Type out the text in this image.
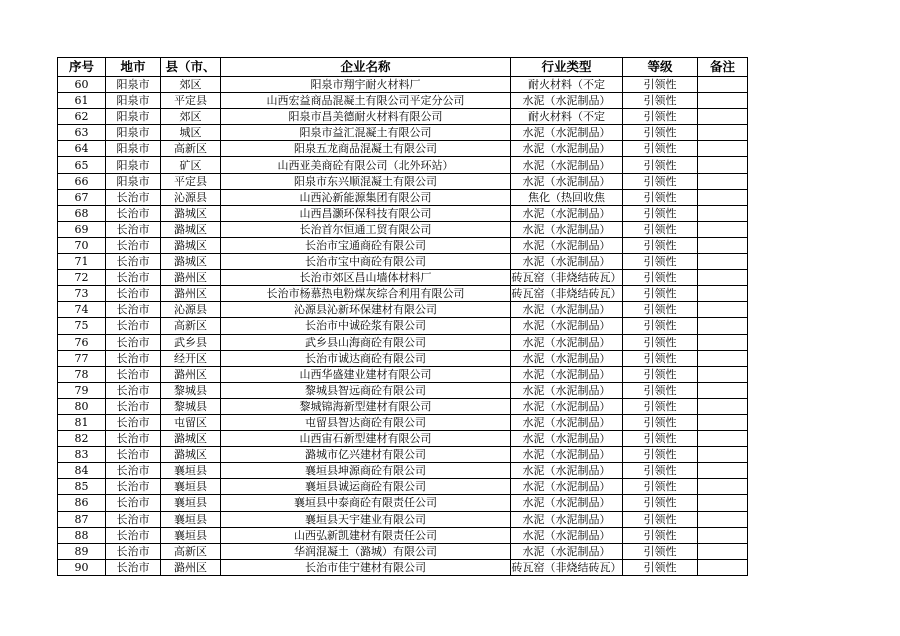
序号	地市	县（市、	企业名称	行业类型	等级	备注
60	阳泉市	郊区	阳泉市翔宇耐火材料厂	耐火材料（不定	引领性	
61	阳泉市	平定县	山西宏益商品混凝土有限公司平定分公司	水泥（水泥制品）	引领性	
62	阳泉市	郊区	阳泉市昌美德耐火材料有限公司	耐火材料（不定	引领性	
63	阳泉市	城区	阳泉市益汇混凝土有限公司	水泥（水泥制品）	引领性	
64	阳泉市	高新区	阳泉五龙商品混凝土有限公司	水泥（水泥制品）	引领性	
65	阳泉市	矿区	山西亚美商砼有限公司（北外环站）	水泥（水泥制品）	引领性	
66	阳泉市	平定县	阳泉市东兴顺混凝土有限公司	水泥（水泥制品）	引领性	
67	长治市	沁源县	山西沁新能源集团有限公司	焦化（热回收焦	引领性	
68	长治市	潞城区	山西昌灏环保科技有限公司	水泥（水泥制品）	引领性	
69	长治市	潞城区	长治首尔恒通工贸有限公司	水泥（水泥制品）	引领性	
70	长治市	潞城区	长治市宝通商砼有限公司	水泥（水泥制品）	引领性	
71	长治市	潞城区	长治市宝中商砼有限公司	水泥（水泥制品）	引领性	
72	长治市	潞州区	长治市郊区昌山墙体材料厂	砖瓦窑（非烧结砖瓦）	引领性	
73	长治市	潞州区	长治市杨慕热电粉煤灰综合利用有限公司	砖瓦窑（非烧结砖瓦）	引领性	
74	长治市	沁源县	沁源县沁新环保建材有限公司	水泥（水泥制品）	引领性	
75	长治市	高新区	长治市中诚砼浆有限公司	水泥（水泥制品）	引领性	
76	长治市	武乡县	武乡县山海商砼有限公司	水泥（水泥制品）	引领性	
77	长治市	经开区	长治市诚达商砼有限公司	水泥（水泥制品）	引领性	
78	长治市	潞州区	山西华盛建业建材有限公司	水泥（水泥制品）	引领性	
79	长治市	黎城县	黎城县智远商砼有限公司	水泥（水泥制品）	引领性	
80	长治市	黎城县	黎城锦海新型建材有限公司	水泥（水泥制品）	引领性	
81	长治市	屯留区	屯留县智达商砼有限公司	水泥（水泥制品）	引领性	
82	长治市	潞城区	山西宙石新型建材有限公司	水泥（水泥制品）	引领性	
83	长治市	潞城区	潞城市亿兴建材有限公司	水泥（水泥制品）	引领性	
84	长治市	襄垣县	襄垣县坤源商砼有限公司	水泥（水泥制品）	引领性	
85	长治市	襄垣县	襄垣县诚运商砼有限公司	水泥（水泥制品）	引领性	
86	长治市	襄垣县	襄垣县中泰商砼有限责任公司	水泥（水泥制品）	引领性	
87	长治市	襄垣县	襄垣县天宇建业有限公司	水泥（水泥制品）	引领性	
88	长治市	襄垣县	山西弘新凯建材有限责任公司	水泥（水泥制品）	引领性	
89	长治市	高新区	华润混凝土（潞城）有限公司	水泥（水泥制品）	引领性	
90	长治市	潞州区	长治市佳宁建材有限公司	砖瓦窑（非烧结砖瓦）	引领性	
